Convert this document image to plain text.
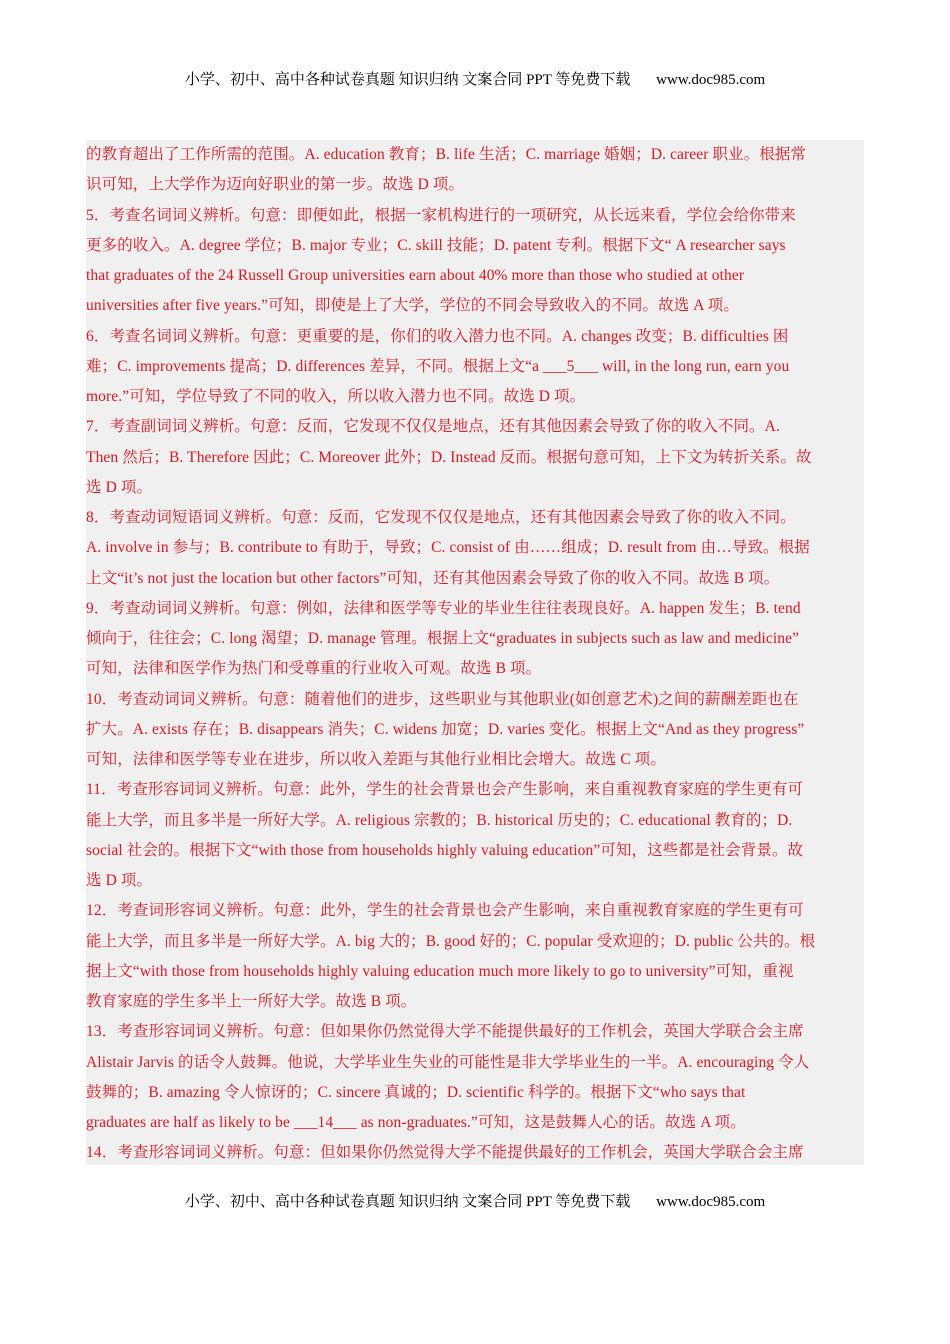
小学、初中、高中各种试卷真题 知识归纳 文案合同 PPT 等免费下载 www.doc985.com
的教育超出了工作所需的范围。A. education 教育；B. life 生活；C. marriage 婚姻；D. career 职业。根据常
识可知，上大学作为迈向好职业的第一步。故选 D 项。
5．考查名词词义辨析。句意：即便如此，根据一家机构进行的一项研究，从长远来看，学位会给你带来
更多的收入。A. degree 学位；B. major 专业；C. skill 技能；D. patent 专利。根据下文“ A researcher says
that graduates of the 24 Russell Group universities earn about 40% more than those who studied at other
universities after five years.”可知，即使是上了大学，学位的不同会导致收入的不同。故选 A 项。
6．考查名词词义辨析。句意：更重要的是，你们的收入潜力也不同。A. changes 改变；B. difficulties 困
难；C. improvements 提高；D. differences 差异，不同。根据上文“a ___5___ will, in the long run, earn you
more.”可知，学位导致了不同的收入，所以收入潜力也不同。故选 D 项。
7．考查副词词义辨析。句意：反而，它发现不仅仅是地点，还有其他因素会导致了你的收入不同。A.
Then 然后；B. Therefore 因此；C. Moreover 此外；D. Instead 反而。根据句意可知，上下文为转折关系。故
选 D 项。
8．考查动词短语词义辨析。句意：反而，它发现不仅仅是地点，还有其他因素会导致了你的收入不同。
A. involve in 参与；B. contribute to 有助于，导致；C. consist of 由……组成；D. result from 由…导致。根据
上文“it’s not just the location but other factors”可知，还有其他因素会导致了你的收入不同。故选 B 项。
9．考查动词词义辨析。句意：例如，法律和医学等专业的毕业生往往表现良好。A. happen 发生；B. tend
倾向于，往往会；C. long 渴望；D. manage 管理。根据上文“graduates in subjects such as law and medicine”
可知，法律和医学作为热门和受尊重的行业收入可观。故选 B 项。
10．考查动词词义辨析。句意：随着他们的进步，这些职业与其他职业(如创意艺术)之间的薪酬差距也在
扩大。A. exists 存在；B. disappears 消失；C. widens 加宽；D. varies 变化。根据上文“And as they progress”
可知，法律和医学等专业在进步，所以收入差距与其他行业相比会增大。故选 C 项。
11．考查形容词词义辨析。句意：此外，学生的社会背景也会产生影响，来自重视教育家庭的学生更有可
能上大学，而且多半是一所好大学。A. religious 宗教的；B. historical 历史的；C. educational 教育的；D.
social 社会的。根据下文“with those from households highly valuing education”可知，这些都是社会背景。故
选 D 项。
12．考查词形容词义辨析。句意：此外，学生的社会背景也会产生影响，来自重视教育家庭的学生更有可
能上大学，而且多半是一所好大学。A. big 大的；B. good 好的；C. popular 受欢迎的；D. public 公共的。根
据上文“with those from households highly valuing education much more likely to go to university”可知，重视
教育家庭的学生多半上一所好大学。故选 B 项。
13．考查形容词词义辨析。句意：但如果你仍然觉得大学不能提供最好的工作机会，英国大学联合会主席
Alistair Jarvis 的话令人鼓舞。他说，大学毕业生失业的可能性是非大学毕业生的一半。A. encouraging 令人
鼓舞的；B. amazing 令人惊讶的；C. sincere 真诚的；D. scientific 科学的。根据下文“who says that
graduates are half as likely to be ___14___ as non-graduates.”可知，这是鼓舞人心的话。故选 A 项。
14．考查形容词词义辨析。句意：但如果你仍然觉得大学不能提供最好的工作机会，英国大学联合会主席
小学、初中、高中各种试卷真题 知识归纳 文案合同 PPT 等免费下载 www.doc985.com
